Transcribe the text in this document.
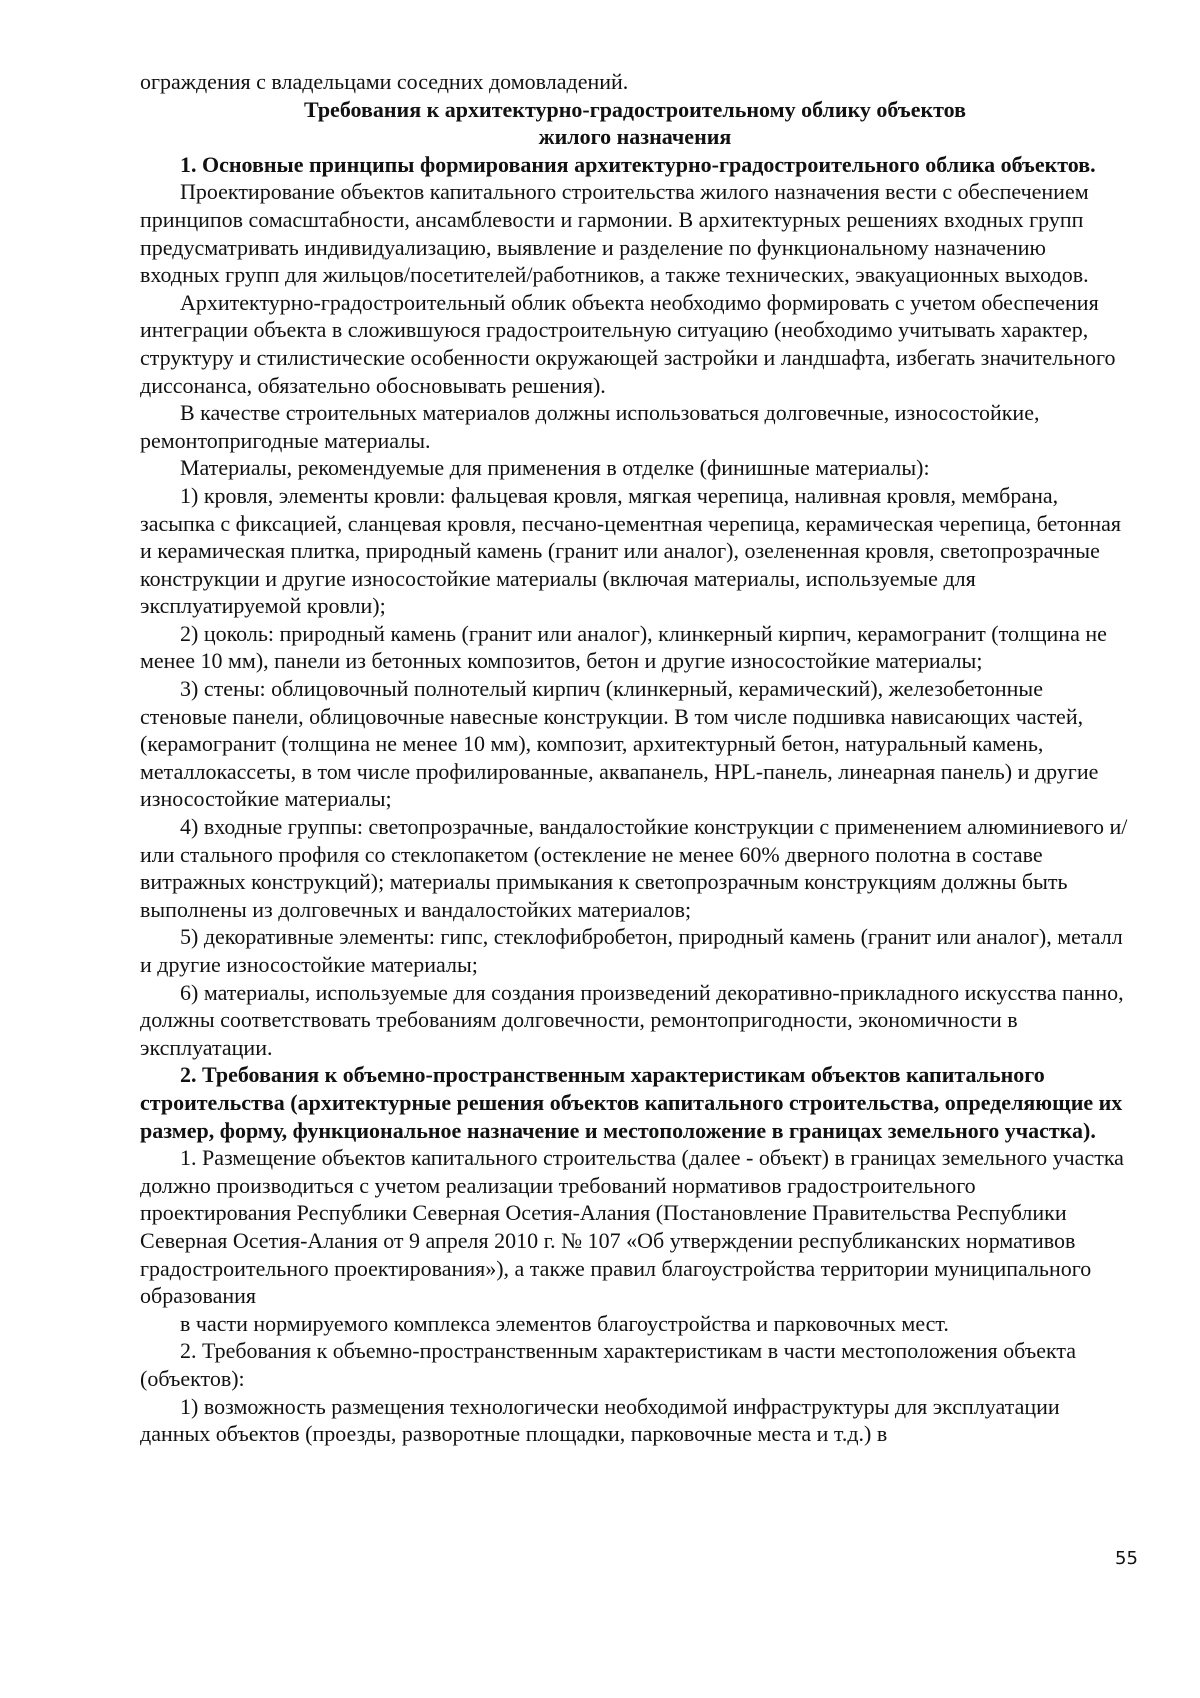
ограждения с владельцами соседних домовладений.

Требования к архитектурно-градостроительному облику объектов

жилого назначения

1. Основные принципы формирования архитектурно-градостроительного облика объектов.

Проектирование объектов капитального строительства жилого назначения вести с обеспечением принципов сомасштабности, ансамблевости и гармонии. В архитектурных решениях входных групп предусматривать индивидуализацию, выявление и разделение по функциональному назначению входных групп для жильцов/посетителей/работников, а также технических, эвакуационных выходов.

Архитектурно-градостроительный облик объекта необходимо формировать с учетом обеспечения интеграции объекта в сложившуюся градостроительную ситуацию (необходимо учитывать характер, структуру и стилистические особенности окружающей застройки и ландшафта, избегать значительного диссонанса, обязательно обосновывать решения).

В качестве строительных материалов должны использоваться долговечные, износостойкие, ремонтопригодные материалы.

Материалы, рекомендуемые для применения в отделке (финишные материалы):

1) кровля, элементы кровли: фальцевая кровля, мягкая черепица, наливная кровля, мембрана, засыпка с фиксацией, сланцевая кровля, песчано-цементная черепица, керамическая черепица, бетонная и керамическая плитка, природный камень (гранит или аналог), озелененная кровля, светопрозрачные конструкции и другие износостойкие материалы (включая материалы, используемые для эксплуатируемой кровли);

2) цоколь: природный камень (гранит или аналог), клинкерный кирпич, керамогранит (толщина не менее 10 мм), панели из бетонных композитов, бетон и другие износостойкие материалы;

3) стены: облицовочный полнотелый кирпич (клинкерный, керамический), железобетонные стеновые панели, облицовочные навесные конструкции. В том числе подшивка нависающих частей, (керамогранит (толщина не менее 10 мм), композит, архитектурный бетон, натуральный камень, металлокассеты, в том числе профилированные, аквапанель, HPL-панель, линеарная панель) и другие износостойкие материалы;

4) входные группы: светопрозрачные, вандалостойкие конструкции с применением алюминиевого и/или стального профиля со стеклопакетом (остекление не менее 60% дверного полотна в составе витражных конструкций); материалы примыкания к светопрозрачным конструкциям должны быть выполнены из долговечных и вандалостойких материалов;

5) декоративные элементы: гипс, стеклофибробетон, природный камень (гранит или аналог), металл и другие износостойкие материалы;

6) материалы, используемые для создания произведений декоративно-прикладного искусства панно, должны соответствовать требованиям долговечности, ремонтопригодности, экономичности в эксплуатации.

2. Требования к объемно-пространственным характеристикам объектов капитального строительства (архитектурные решения объектов капитального строительства, определяющие их размер, форму, функциональное назначение и местоположение в границах земельного участка).

1. Размещение объектов капитального строительства (далее - объект) в границах земельного участка должно производиться с учетом реализации требований нормативов градостроительного проектирования Республики Северная Осетия-Алания (Постановление Правительства Республики Северная Осетия-Алания от 9 апреля 2010 г. № 107 «Об утверждении республиканских нормативов градостроительного проектирования»), а также правил благоустройства территории муниципального образования

в части нормируемого комплекса элементов благоустройства и парковочных мест.

2. Требования к объемно-пространственным характеристикам в части местоположения объекта (объектов):

1) возможность размещения технологически необходимой инфраструктуры для эксплуатации данных объектов (проезды, разворотные площадки, парковочные места и т.д.) в

55
